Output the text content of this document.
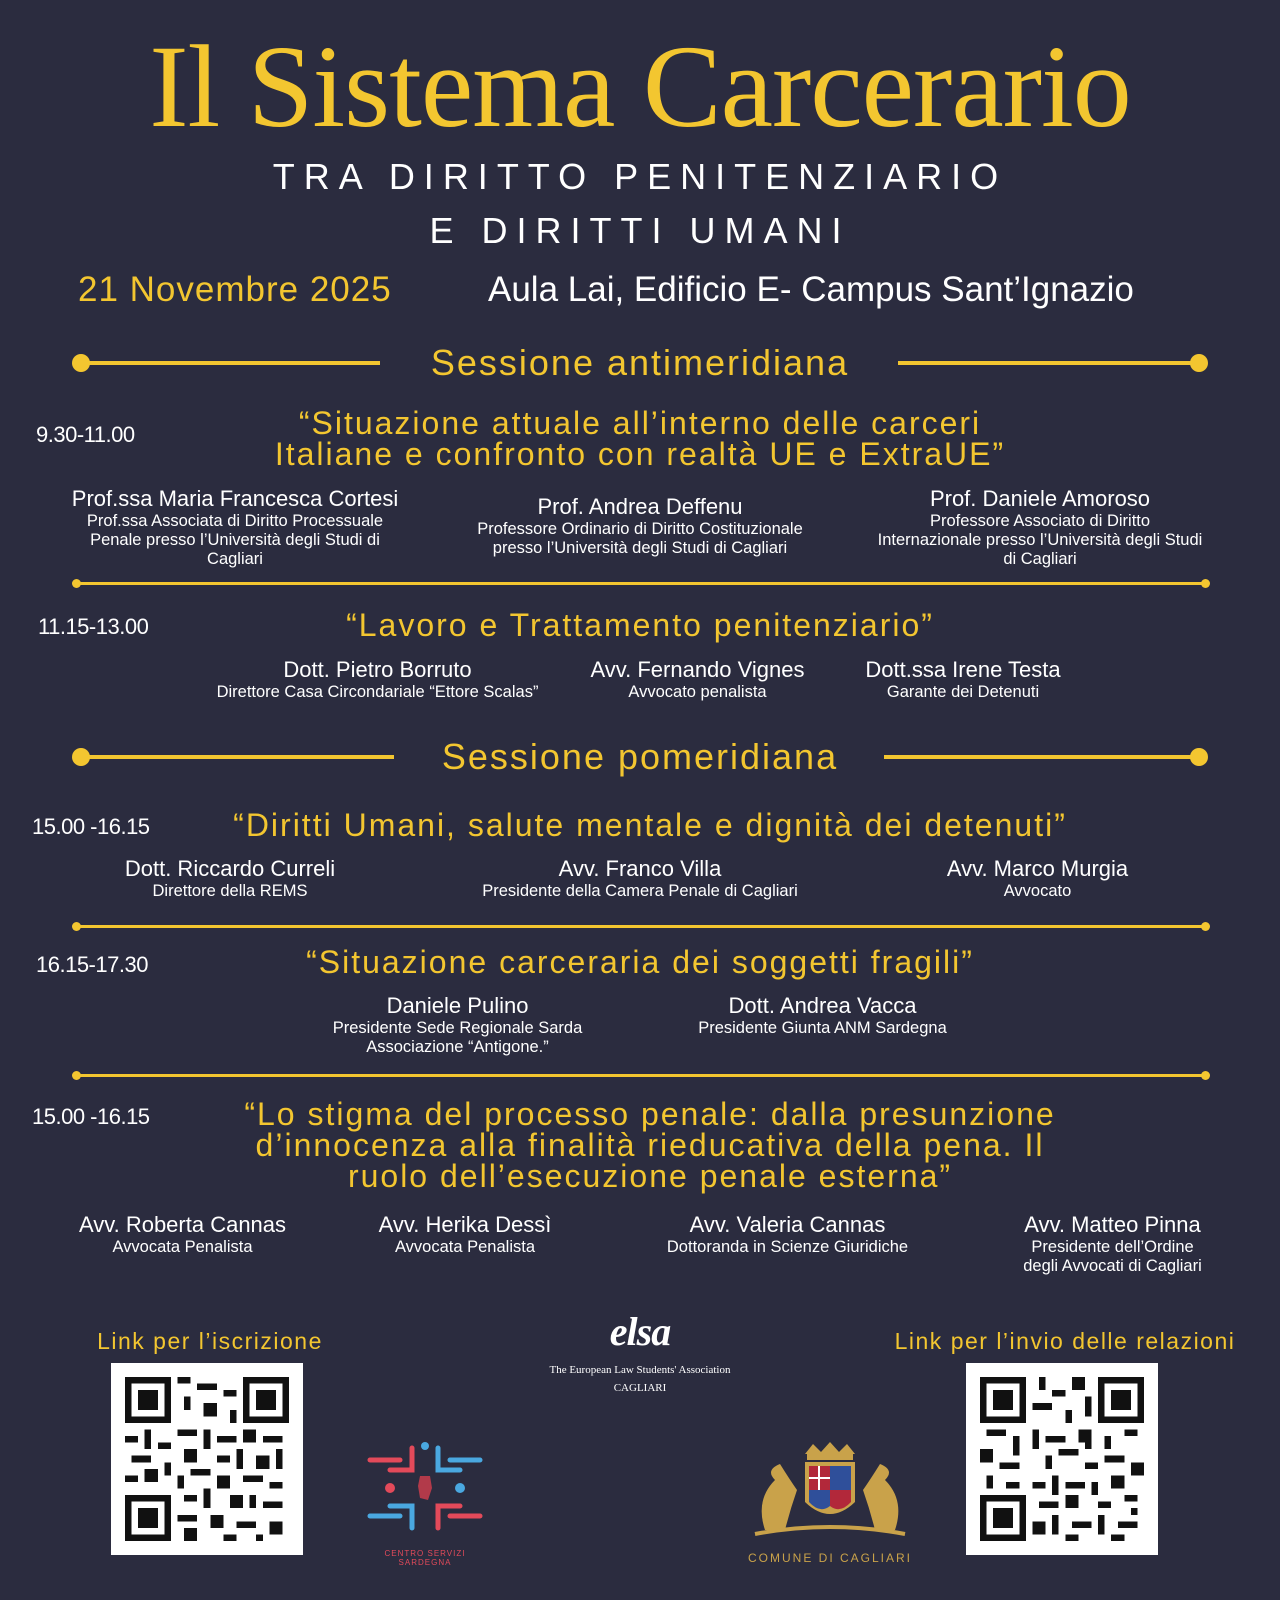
Il Sistema Carcerario
TRA DIRITTO PENITENZIARIO
E DIRITTI UMANI
21 Novembre 2025	Aula Lai, Edificio E- Campus Sant’Ignazio
Sessione antimeridiana
9.30-11.00	“Situazione attuale all’interno delle carceri
Italiane e confronto con realtà UE e ExtraUE”
Prof.ssa Maria Francesca Cortesi
Prof.ssa Associata di Diritto Processuale
Penale presso l’Università degli Studi di
Cagliari
Prof. Andrea Deffenu
Professore Ordinario di Diritto Costituzionale
presso l’Università degli Studi di Cagliari
Prof. Daniele Amoroso
Professore Associato di Diritto
Internazionale presso l’Università degli Studi
di Cagliari
11.15-13.00	“Lavoro e Trattamento penitenziario”
Dott. Pietro Borruto
Direttore Casa Circondariale “Ettore Scalas”
Avv. Fernando Vignes
Avvocato penalista
Dott.ssa Irene Testa
Garante dei Detenuti
Sessione pomeridiana
15.00 -16.15	“Diritti Umani, salute mentale e dignità dei detenuti”
Dott. Riccardo Curreli
Direttore della REMS
Avv. Franco Villa
Presidente della Camera Penale di Cagliari
Avv. Marco Murgia
Avvocato
16.15-17.30	“Situazione carceraria dei soggetti fragili”
Daniele Pulino
Presidente Sede Regionale Sarda
Associazione “Antigone.”
Dott. Andrea Vacca
Presidente Giunta ANM Sardegna
15.00 -16.15	“Lo stigma del processo penale: dalla presunzione
d’innocenza alla finalità rieducativa della pena. Il
ruolo dell’esecuzione penale esterna”
Avv. Roberta Cannas
Avvocata Penalista
Avv. Herika Dessì
Avvocata Penalista
Avv. Valeria Cannas
Dottoranda in Scienze Giuridiche
Avv. Matteo Pinna
Presidente dell’Ordine
degli Avvocati di Cagliari
Link per l’iscrizione	elsa
The European Law Students' Association
CAGLIARI
CENTRO SERVIZI SARDEGNA	COMUNE DI CAGLIARI
Link per l’invio delle relazioni
